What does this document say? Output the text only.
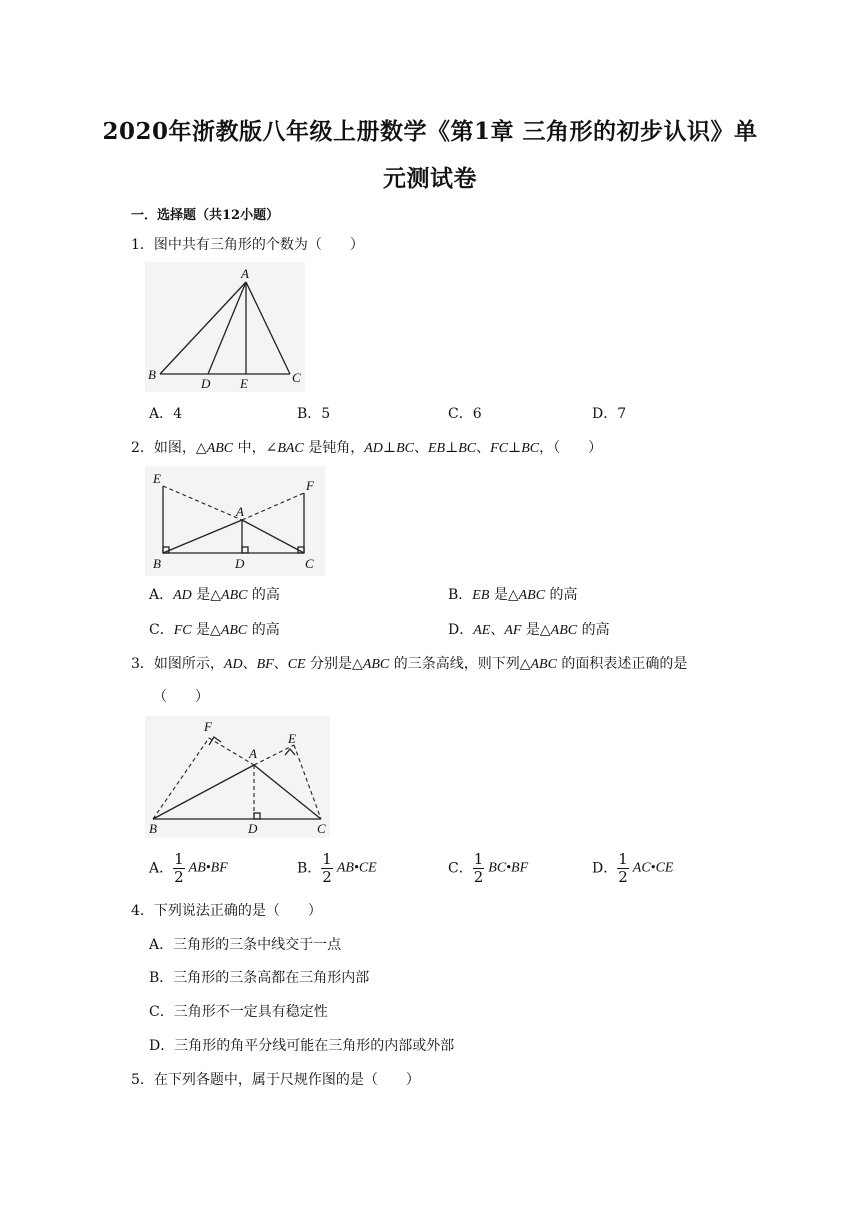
2020年浙教版八年级上册数学《第1章 三角形的初步认识》单
元测试卷
一．选择题（共12小题）
1．图中共有三角形的个数为（　　）
A
B
D E	C
A．4	B．5	C．6	D．7
2．如图，△ABC 中，∠BAC 是钝角，AD⊥BC、EB⊥BC、FC⊥BC，（　　）
E	F
A
B	D	C
A．AD 是△ABC 的高	B．EB 是△ABC 的高
C．FC 是△ABC 的高	D．AE、AF 是△ABC 的高
3．如图所示，AD、BF、CE 分别是△ABC 的三条高线，则下列△ABC 的面积表述正确的是
（　　）
F
A
E
B	D	C
A． $\frac{1}{2}$ AB•BF	B． $\frac{1}{2}$ AB•CE	C． $\frac{1}{2}$ BC•BF	D． $\frac{1}{2}$ AC•CE
4．下列说法正确的是（　　）
A．三角形的三条中线交于一点
B．三角形的三条高都在三角形内部
C．三角形不一定具有稳定性
D．三角形的角平分线可能在三角形的内部或外部
5．在下列各题中，属于尺规作图的是（　　）
